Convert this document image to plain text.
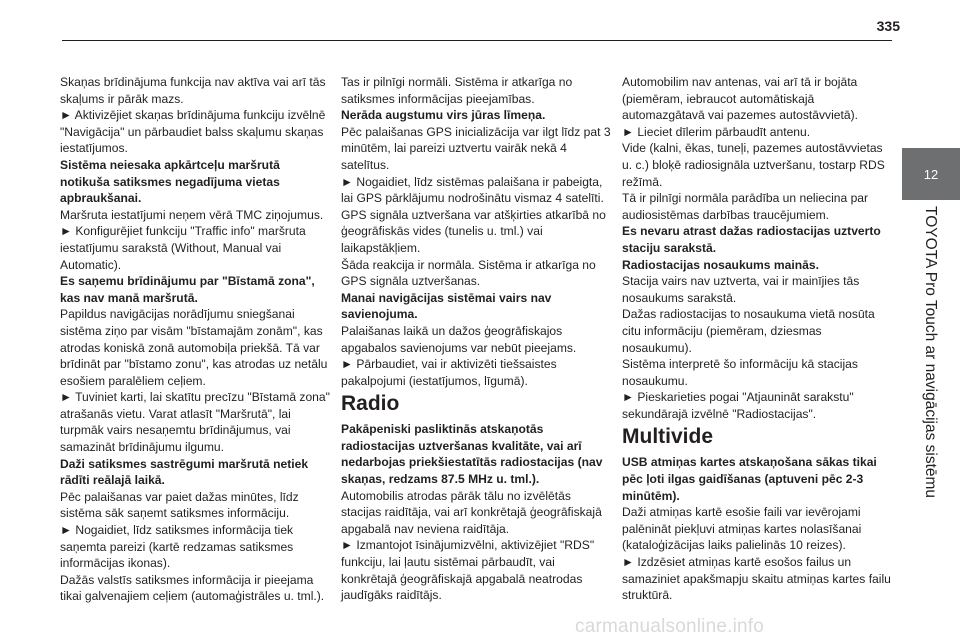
335
12
TOYOTA Pro Touch ar navigācijas sistēmu

Skaņas brīdinājuma funkcija nav aktīva vai arī tās skaļums ir pārāk mazs.

► Aktivizējiet skaņas brīdinājuma funkciju izvēlnē "Navigācija" un pārbaudiet balss skaļumu skaņas iestatījumos.

Sistēma neiesaka apkārtceļu maršrutā notikuša satiksmes negadījuma vietas apbraukšanai.

Maršruta iestatījumi neņem vērā TMC ziņojumus.

► Konfigurējiet funkciju "Traffic info" maršruta iestatījumu sarakstā (Without, Manual vai Automatic).

Es saņemu brīdinājumu par "Bīstamā zona", kas nav manā maršrutā.

Papildus navigācijas norādījumu sniegšanai sistēma ziņo par visām "bīstamajām zonām", kas atrodas koniskā zonā automobiļa priekšā. Tā var brīdināt par "bīstamo zonu", kas atrodas uz netālu esošiem paralēliem ceļiem.

► Tuviniet karti, lai skatītu precīzu "Bīstamā zona" atrašanās vietu. Varat atlasīt "Maršrutā", lai turpmāk vairs nesaņemtu brīdinājumus, vai samazināt brīdinājumu ilgumu.

Daži satiksmes sastrēgumi maršrutā netiek rādīti reālajā laikā.

Pēc palaišanas var paiet dažas minūtes, līdz sistēma sāk saņemt satiksmes informāciju.

► Nogaidiet, līdz satiksmes informācija tiek saņemta pareizi (kartē redzamas satiksmes informācijas ikonas).

Dažās valstīs satiksmes informācija ir pieejama tikai galvenajiem ceļiem (automaģistrāles u. tml.).

Tas ir pilnīgi normāli. Sistēma ir atkarīga no satiksmes informācijas pieejamības.

Nerāda augstumu virs jūras līmeņa.

Pēc palaišanas GPS inicializācija var ilgt līdz pat 3 minūtēm, lai pareizi uztvertu vairāk nekā 4 satelītus.

► Nogaidiet, līdz sistēmas palaišana ir pabeigta, lai GPS pārklājumu nodrošinātu vismaz 4 satelīti.

GPS signāla uztveršana var atšķirties atkarībā no ģeogrāfiskās vides (tunelis u. tml.) vai laikapstākļiem.

Šāda reakcija ir normāla. Sistēma ir atkarīga no GPS signāla uztveršanas.

Manai navigācijas sistēmai vairs nav savienojuma.

Palaišanas laikā un dažos ģeogrāfiskajos apgabalos savienojums var nebūt pieejams.

► Pārbaudiet, vai ir aktivizēti tiešsaistes pakalpojumi (iestatījumos, līgumā).

Radio

Pakāpeniski pasliktinās atskaņotās radiostacijas uztveršanas kvalitāte, vai arī nedarbojas priekšiestatītās radiostacijas (nav skaņas, redzams 87.5 MHz u. tml.).

Automobilis atrodas pārāk tālu no izvēlētās stacijas raidītāja, vai arī konkrētajā ģeogrāfiskajā apgabalā nav neviena raidītāja.

► Izmantojot īsinājumizvēlni, aktivizējiet "RDS" funkciju, lai ļautu sistēmai pārbaudīt, vai konkrētajā ģeogrāfiskajā apgabalā neatrodas jaudīgāks raidītājs.

Automobilim nav antenas, vai arī tā ir bojāta (piemēram, iebraucot automātiskajā automazgātavā vai pazemes autostāvvietā).

► Lieciet dīlerim pārbaudīt antenu.

Vide (kalni, ēkas, tuneļi, pazemes autostāvvietas u. c.) bloķē radiosignāla uztveršanu, tostarp RDS režīmā.

Tā ir pilnīgi normāla parādība un neliecina par audiosistēmas darbības traucējumiem.

Es nevaru atrast dažas radiostacijas uztverto staciju sarakstā.

Radiostacijas nosaukums mainās.

Stacija vairs nav uztverta, vai ir mainījies tās nosaukums sarakstā.

Dažas radiostacijas to nosaukuma vietā nosūta citu informāciju (piemēram, dziesmas nosaukumu).

Sistēma interpretē šo informāciju kā stacijas nosaukumu.

► Pieskarieties pogai "Atjaunināt sarakstu" sekundārajā izvēlnē "Radiostacijas".

Multivide

USB atmiņas kartes atskaņošana sākas tikai pēc ļoti ilgas gaidīšanas (aptuveni pēc 2-3 minūtēm).

Daži atmiņas kartē esošie faili var ievērojami palēnināt piekļuvi atmiņas kartes nolasīšanai (kataloģizācijas laiks palielinās 10 reizes).

► Izdzēsiet atmiņas kartē esošos failus un samaziniet apakšmapju skaitu atmiņas kartes failu struktūrā.

carmanualsonline.info
